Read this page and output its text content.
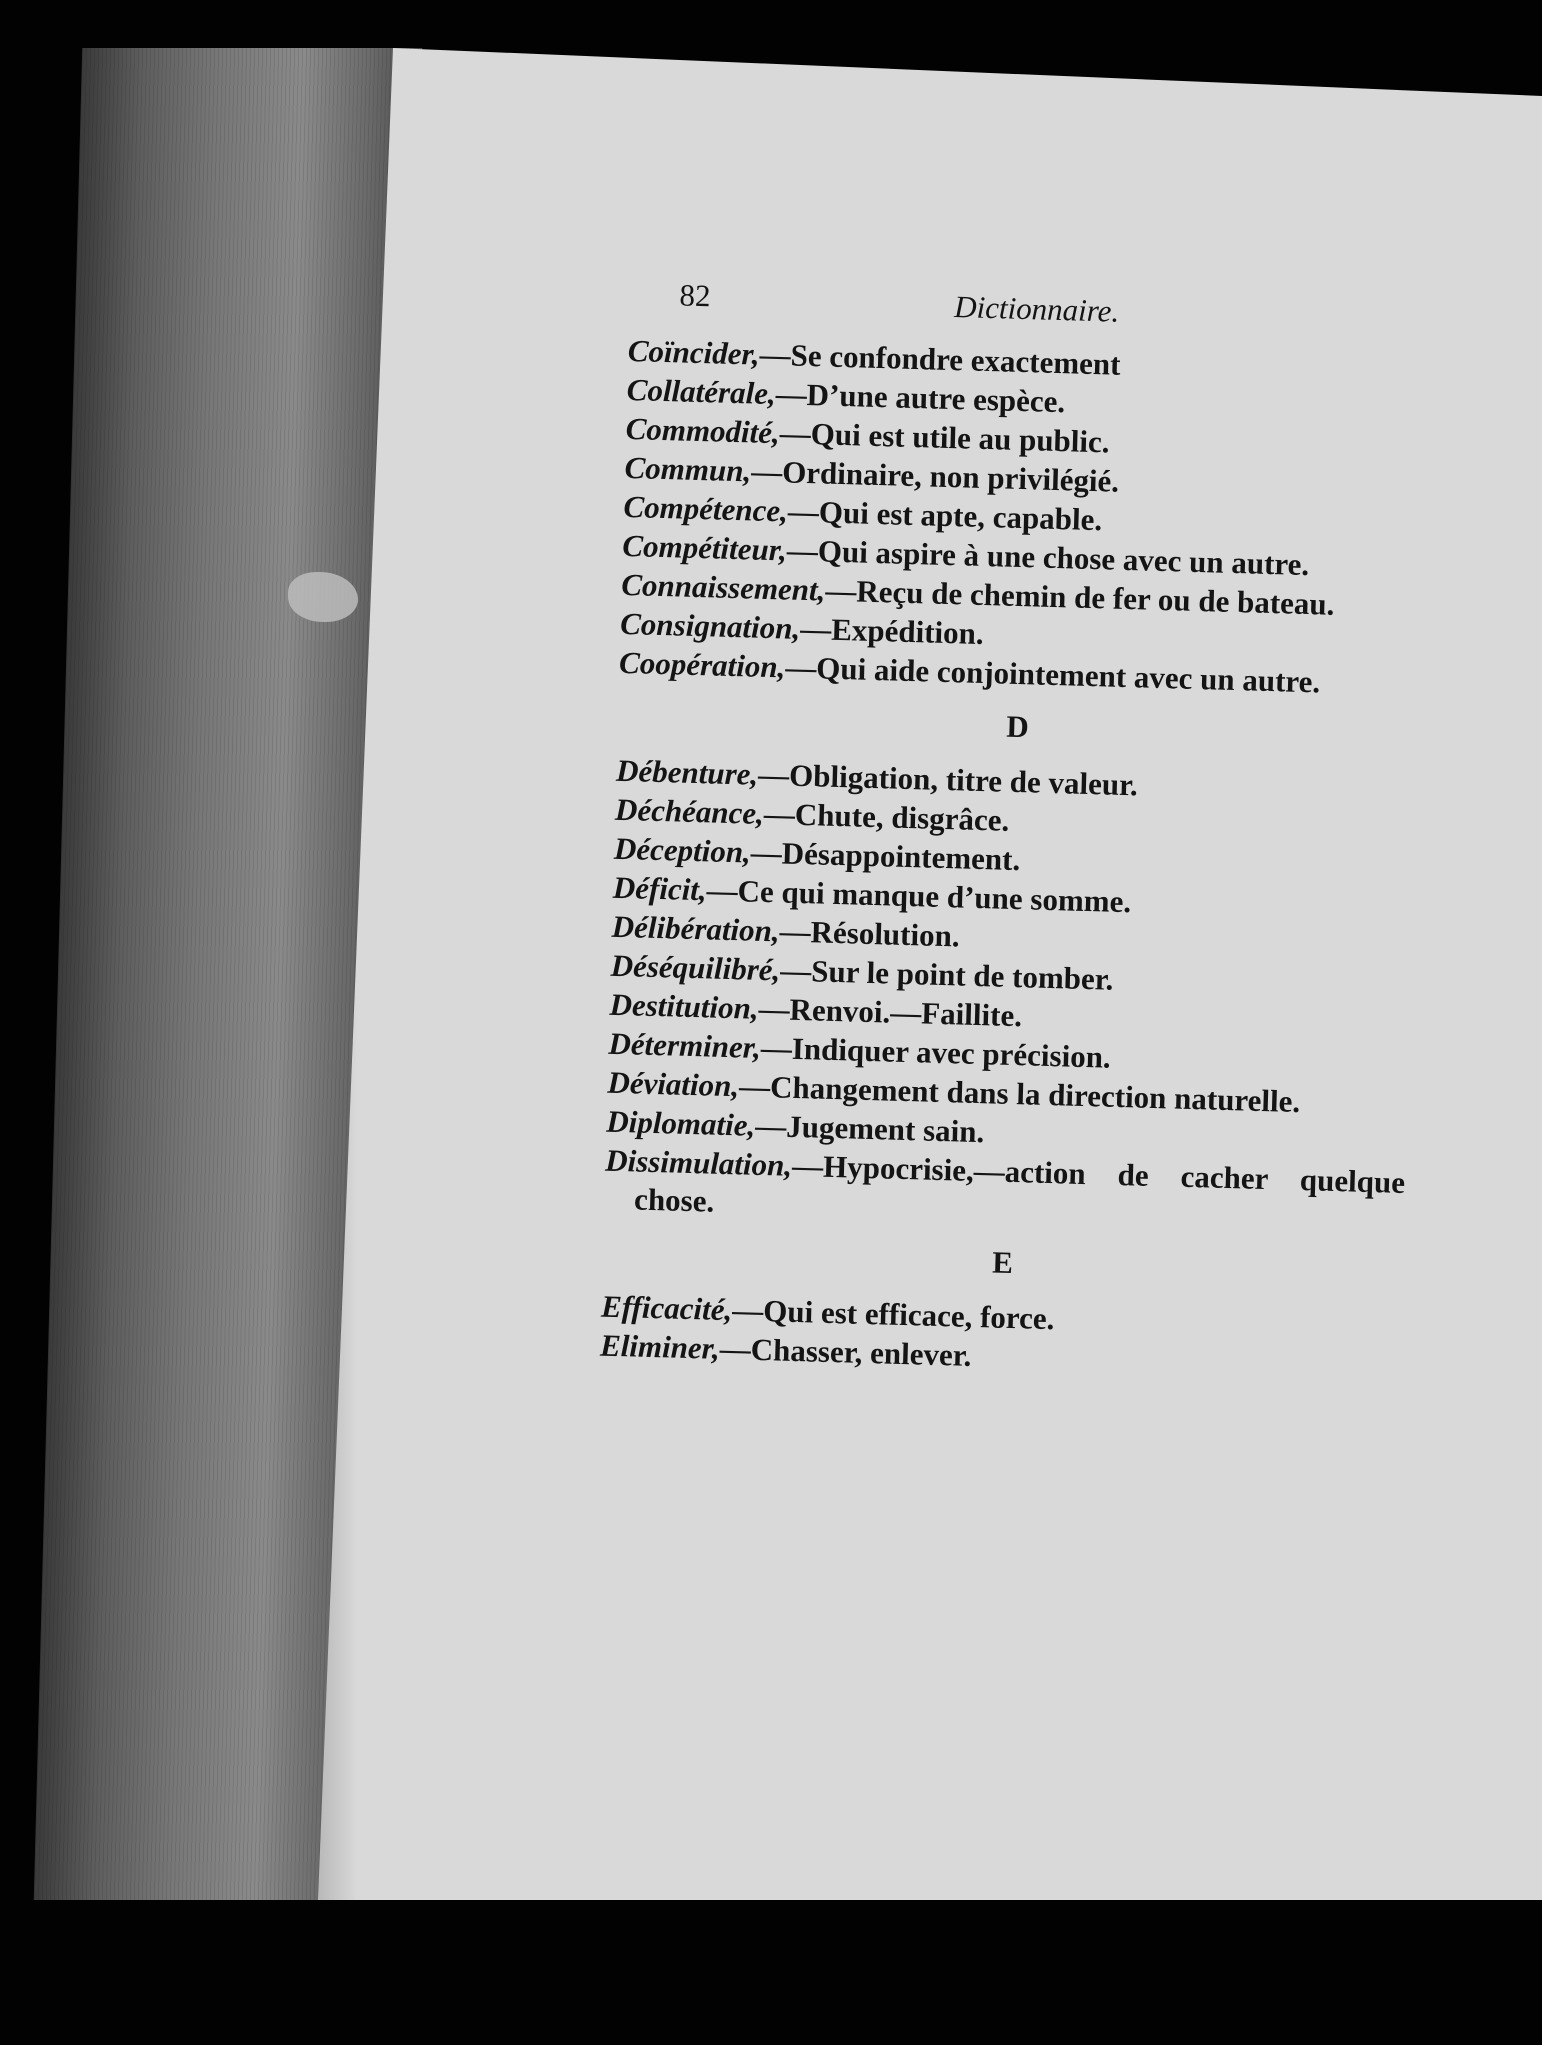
82	Dictionnaire.
Coïncider,—Se confondre exactement
Collatérale,—D’une autre espèce.
Commodité,—Qui est utile au public.
Commun,—Ordinaire, non privilégié.
Compétence,—Qui est apte, capable.
Compétiteur,—Qui aspire à une chose avec un autre.
Connaissement,—Reçu de chemin de fer ou de bateau.
Consignation,—Expédition.
Coopération,—Qui aide conjointement avec un autre.
D
Débenture,—Obligation, titre de valeur.
Déchéance,—Chute, disgrâce.
Déception,—Désappointement.
Déficit,—Ce qui manque d’une somme.
Délibération,—Résolution.
Déséquilibré,—Sur le point de tomber.
Destitution,—Renvoi.—Faillite.
Déterminer,—Indiquer avec précision.
Déviation,—Changement dans la direction naturelle.
Diplomatie,—Jugement sain.
Dissimulation,—Hypocrisie,—action de cacher quelque chose.
E
Efficacité,—Qui est efficace, force.
Eliminer,—Chasser, enlever.
